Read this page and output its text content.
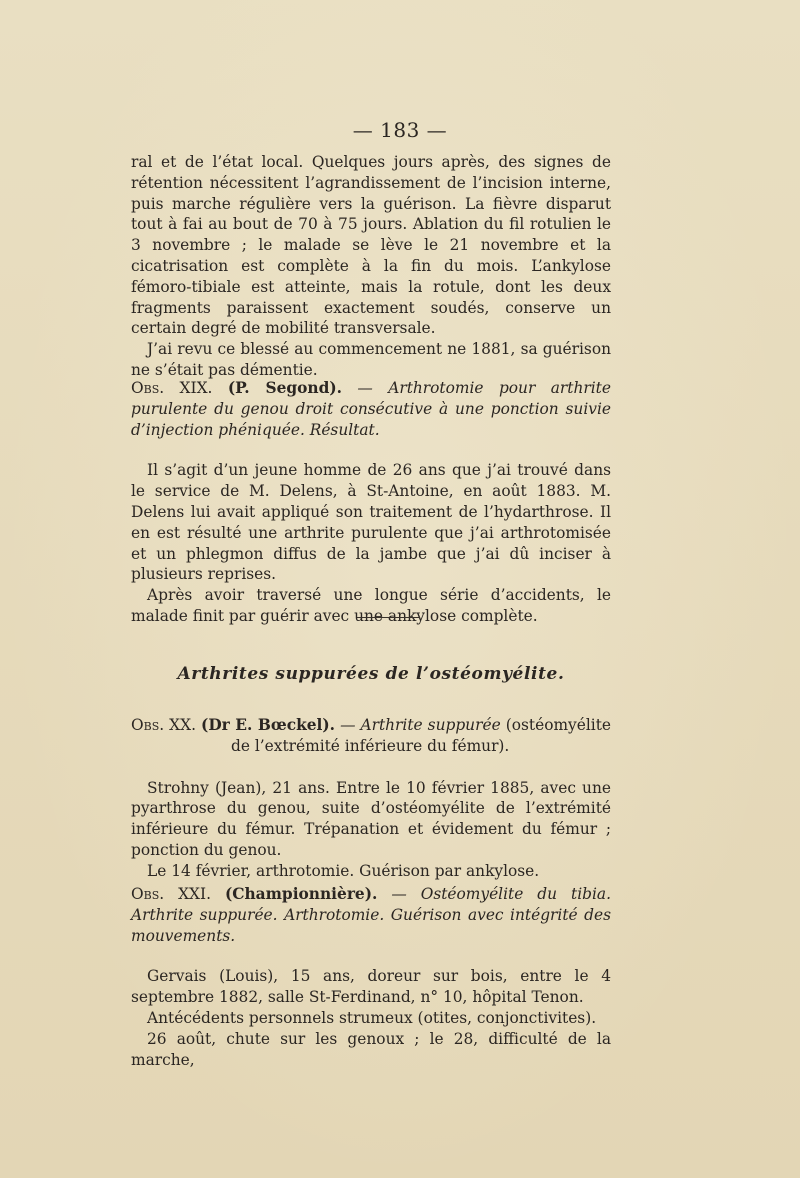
— 183 —

ral et de l’état local. Quelques jours après, des signes de rétention nécessitent l’agrandissement de l’incision interne, puis marche régulière vers la guérison. La fièvre disparut tout à fai au bout de 70 à 75 jours. Ablation du fil rotulien le 3 novembre ; le malade se lève le 21 novembre et la cicatrisation est complète à la fin du mois. L’ankylose fémoro-tibiale est atteinte, mais la rotule, dont les deux fragments paraissent exactement soudés, conserve un certain degré de mobilité transversale.

J’ai revu ce blessé au commencement ne 1881, sa guérison ne s’était pas démentie.

Obs. XIX. (P. Segond). — Arthrotomie pour arthrite purulente du genou droit consécutive à une ponction suivie d’injection phéniquée. Résultat.

Il s’agit d’un jeune homme de 26 ans que j’ai trouvé dans le service de M. Delens, à St-Antoine, en août 1883. M. Delens lui avait appliqué son traitement de l’hydarthrose. Il en est résulté une arthrite purulente que j’ai arthrotomisée et un phlegmon diffus de la jambe que j’ai dû inciser à plusieurs reprises.

Après avoir traversé une longue série d’accidents, le malade finit par guérir avec une ankylose complète.

Arthrites suppurées de l’ostéomyélite.

Obs. XX. (Dr E. Bœckel). — Arthrite suppurée (ostéomyélite de l’extrémité inférieure du fémur).

Strohny (Jean), 21 ans. Entre le 10 février 1885, avec une pyarthrose du genou, suite d’ostéomyélite de l’extrémité inférieure du fémur. Trépanation et évidement du fémur ; ponction du genou.

Le 14 février, arthrotomie. Guérison par ankylose.

Obs. XXI. (Championnière). — Ostéomyélite du tibia. Arthrite suppurée. Arthrotomie. Guérison avec intégrité des mouvements.

Gervais (Louis), 15 ans, doreur sur bois, entre le 4 septembre 1882, salle St-Ferdinand, n° 10, hôpital Tenon.

Antécédents personnels strumeux (otites, conjonctivites).

26 août, chute sur les genoux ; le 28, difficulté de la marche,
